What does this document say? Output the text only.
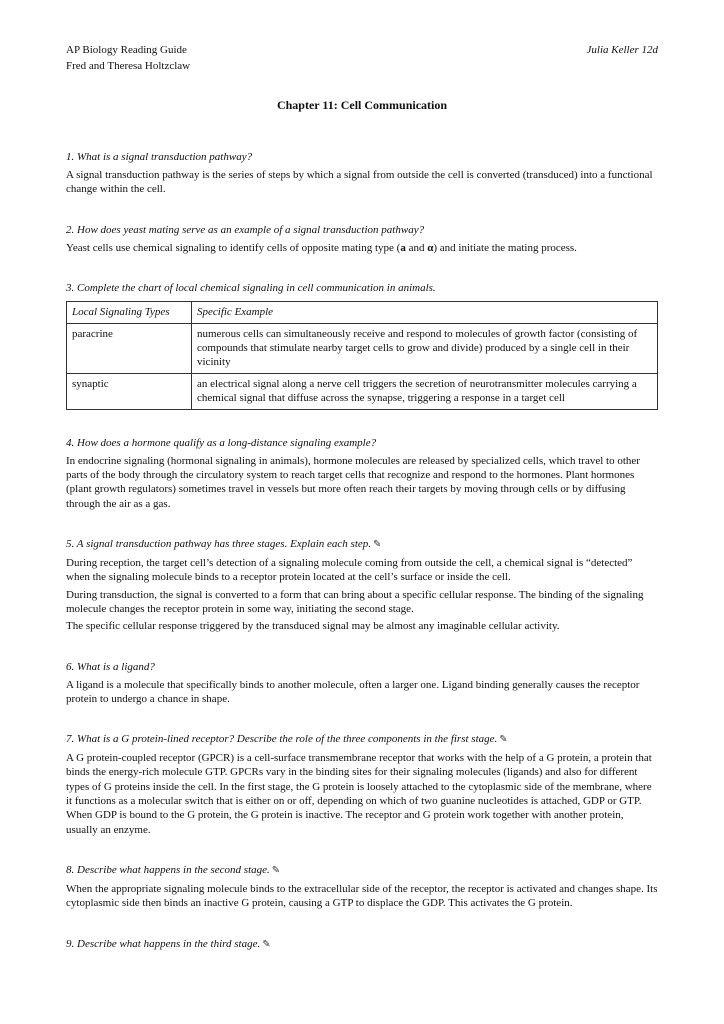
AP Biology Reading Guide
Fred and Theresa Holtzclaw
Julia Keller 12d
Chapter 11: Cell Communication

1. What is a signal transduction pathway?

A signal transduction pathway is the series of steps by which a signal from outside the cell is converted (transduced) into a functional change within the cell.

2. How does yeast mating serve as an example of a signal transduction pathway?

Yeast cells use chemical signaling to identify cells of opposite mating type (a and α) and initiate the mating process.

3. Complete the chart of local chemical signaling in cell communication in animals.

Local Signaling Types	Specific Example
paracrine	numerous cells can simultaneously receive and respond to molecules of growth factor (consisting of compounds that stimulate nearby target cells to grow and divide) produced by a single cell in their vicinity
synaptic	an electrical signal along a nerve cell triggers the secretion of neurotransmitter molecules carrying a chemical signal that diffuse across the synapse, triggering a response in a target cell

4. How does a hormone qualify as a long-distance signaling example?

In endocrine signaling (hormonal signaling in animals), hormone molecules are released by specialized cells, which travel to other parts of the body through the circulatory system to reach target cells that recognize and respond to the hormones. Plant hormones (plant growth regulators) sometimes travel in vessels but more often reach their targets by moving through cells or by diffusing through the air as a gas.

5. A signal transduction pathway has three stages. Explain each step. ✎

During reception, the target cell’s detection of a signaling molecule coming from outside the cell, a chemical signal is “detected” when the signaling molecule binds to a receptor protein located at the cell’s surface or inside the cell.

During transduction, the signal is converted to a form that can bring about a specific cellular response. The binding of the signaling molecule changes the receptor protein in some way, initiating the second stage.

The specific cellular response triggered by the transduced signal may be almost any imaginable cellular activity.

6. What is a ligand?

A ligand is a molecule that specifically binds to another molecule, often a larger one. Ligand binding generally causes the receptor protein to undergo a chance in shape.

7. What is a G protein-lined receptor? Describe the role of the three components in the first stage. ✎

A G protein-coupled receptor (GPCR) is a cell-surface transmembrane receptor that works with the help of a G protein, a protein that binds the energy-rich molecule GTP. GPCRs vary in the binding sites for their signaling molecules (ligands) and also for different types of G proteins inside the cell. In the first stage, the G protein is loosely attached to the cytoplasmic side of the membrane, where it functions as a molecular switch that is either on or off, depending on which of two guanine nucleotides is attached, GDP or GTP. When GDP is bound to the G protein, the G protein is inactive. The receptor and G protein work together with another protein, usually an enzyme.

8. Describe what happens in the second stage. ✎

When the appropriate signaling molecule binds to the extracellular side of the receptor, the receptor is activated and changes shape. Its cytoplasmic side then binds an inactive G protein, causing a GTP to displace the GDP. This activates the G protein.

9. Describe what happens in the third stage. ✎
